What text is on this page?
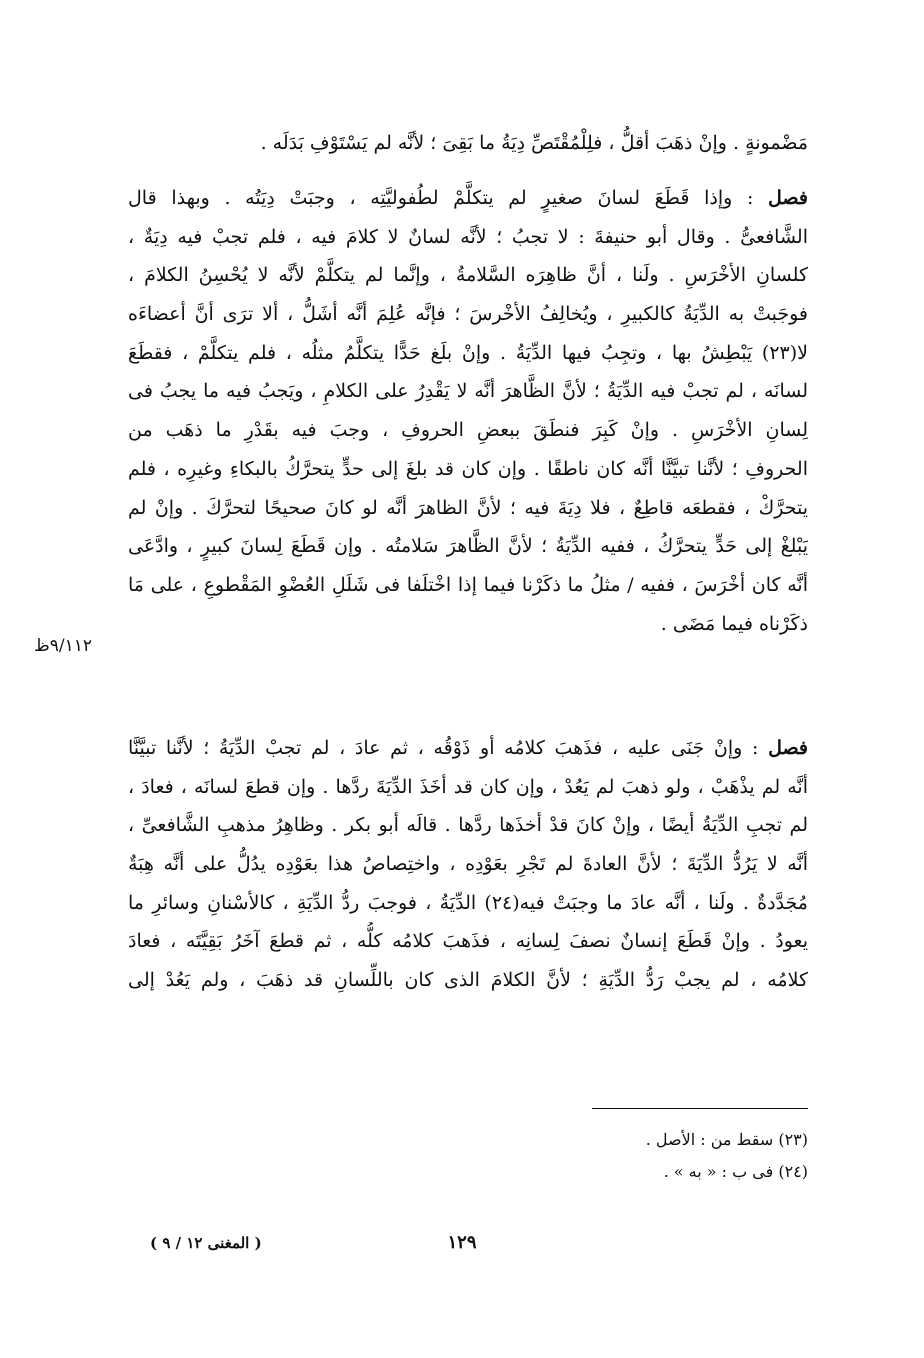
مَضْمونةٍ . وإنْ ذهَبَ أقلُّ ، فلِلْمُقْتَصِّ دِيَةُ ما بَقِىَ ؛ لأنَّه لم يَسْتَوْفِ بَدَلَه .
فصل : وإذا قَطَعَ لسانَ صغيرٍ لم يتكلَّمْ لطُفوليَّتِه ، وجبَتْ دِيَتُه . وبهذا قال
الشَّافعىُّ . وقال أبو حنيفةَ : لا تجبُ ؛ لأنَّه لسانٌ لا كلامَ فيه ، فلم تجبْ فيه دِيَةٌ ،
كلسانِ الأخْرَسِ . ولَنا ، أنَّ ظاهِرَه السَّلامةُ ، وإنَّما لم يتكلَّمْ لأنَّه لا يُحْسِنُ الكلامَ ،
فوجَبتْ به الدِّيَةُ كالكبيرِ ، ويُخالِفُ الأخْرسَ ؛ فإنَّه عُلِمَ أنَّه أشَلُّ ، ألا ترَى أنَّ أعضاءَه
لا(٢٣) يَبْطِشُ بها ، وتجِبُ فيها الدِّيَةُ . وإنْ بلَغ حَدًّا يتكلَّمُ مثلُه ، فلم يتكلَّمْ ، فقطَعَ
لسانَه ، لم تجبْ فيه الدِّيَةُ ؛ لأنَّ الظَّاهرَ أنَّه لا يَقْدِرُ على الكلامِ ، ويَجبُ فيه ما يجبُ فى
لِسانِ الأخْرَسِ . وإنْ كَبِرَ فنطَقَ ببعضِ الحروفِ ، وجبَ فيه بقَدْرِ ما ذهَب من
الحروفِ ؛ لأنَّنا تبيَّنَّا أنَّه كان ناطقًا . وإن كان قد بلغَ إلى حدٍّ يتحرَّكُ بالبكاءِ وغيرِه ، فلم
يتحرَّكْ ، فقطعَه قاطِعٌ ، فلا دِيَةَ فيه ؛ لأنَّ الظاهرَ أنَّه لو كانَ صحيحًا لتحرَّكَ . وإنْ لم
يَبْلغْ إلى حَدٍّ يتحرَّكُ ، ففيه الدِّيَةُ ؛ لأنَّ الظَّاهرَ سَلامتُه . وإن قَطَعَ لِسانَ كبيرٍ ، وادَّعَى
أنَّه كان أخْرَسَ ، ففيه / مثلُ ما ذكَرْنا فيما إذا اخْتلَفا فى شَلَلِ العُضْوِ المَقْطوعِ ، على مَا
ذكَرْناه فيما مَضَى .
٩/١١٢ظ
فصل : وإنْ جَنَى عليه ، فذَهبَ كلامُه أو ذَوْقُه ، ثم عادَ ، لم تجبْ الدِّيَةُ ؛ لأنَّنا تبيَّنَّا
أنَّه لم يذْهَبْ ، ولو ذهبَ لم يَعُدْ ، وإن كان قد أخَذَ الدِّيَةَ ردَّها . وإن قطعَ لسانَه ، فعادَ ،
لم تجبِ الدِّيَةُ أيضًا ، وإنْ كانَ قدْ أخذَها ردَّها . قالَه أبو بكر . وظاهِرُ مذهبِ الشَّافعىِّ ،
أنَّه لا يَرُدُّ الدِّيَةَ ؛ لأنَّ العادةَ لم تَجْرِ بعَوْدِه ، واختِصاصُ هذا بعَوْدِه يدُلُّ على أنَّه هِبَةٌ
مُجَدَّدةٌ . ولَنا ، أنَّه عادَ ما وجبَتْ فيه(٢٤) الدِّيَةُ ، فوجبَ ردُّ الدِّيَةِ ، كالأسْنانِ وسائرِ ما
يعودُ . وإنْ قَطَعَ إنسانٌ نصفَ لِسانِه ، فذَهبَ كلامُه كلُّه ، ثم قطعَ آخَرُ بَقِيَّتَه ، فعادَ
كلامُه ، لم يجبْ رَدُّ الدِّيَةِ ؛ لأنَّ الكلامَ الذى كان باللِّسانِ قد ذهَبَ ، ولم يَعُدْ إلى
(٢٣) سقط من : الأصل .
(٢٤) فى ب : « به » .
( المغنى ١٢ / ٩ )	١٢٩
